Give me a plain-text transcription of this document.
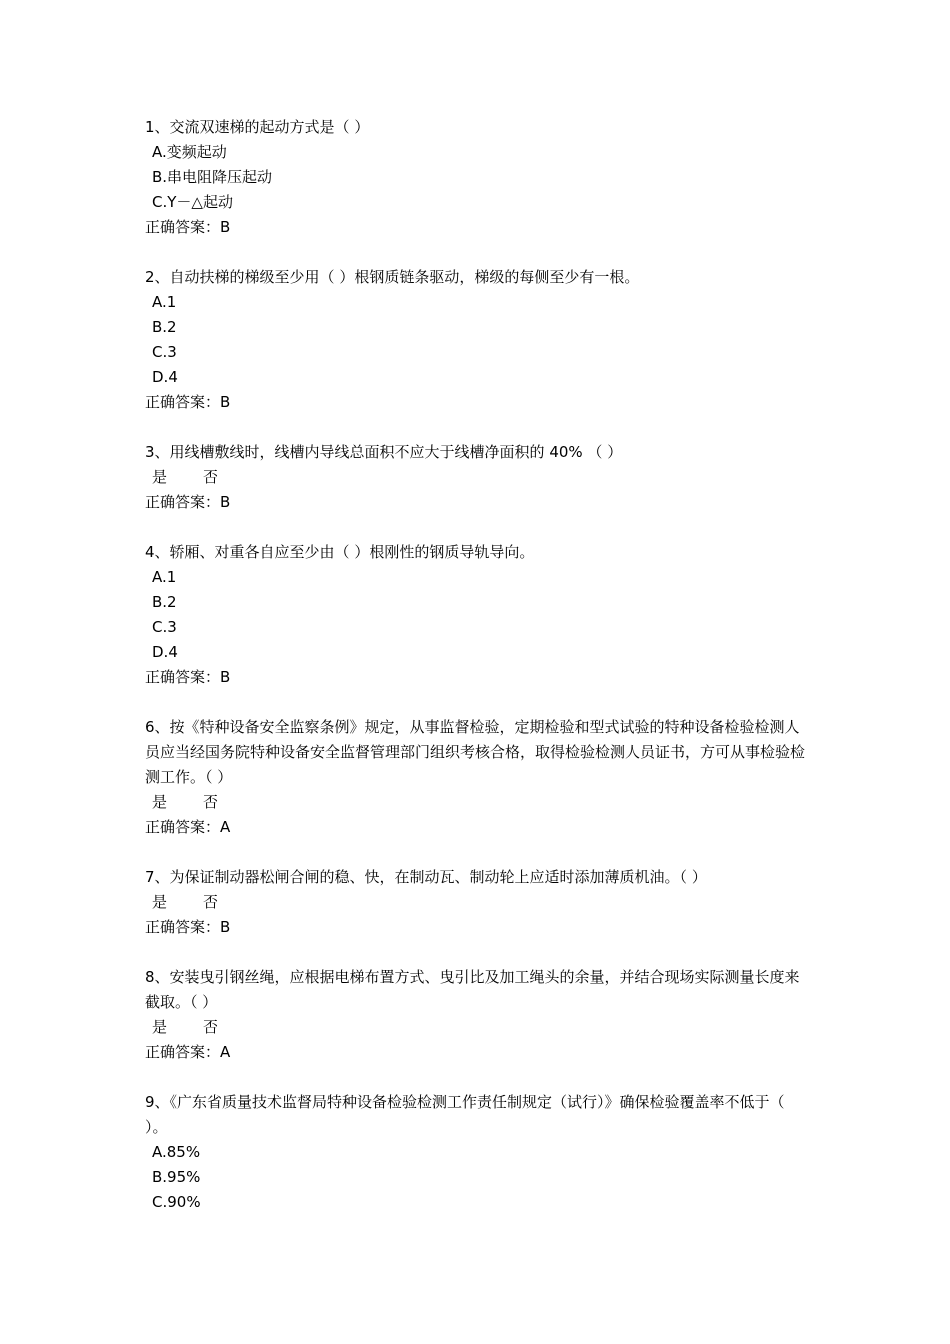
1、交流双速梯的起动方式是（ ）
A.变频起动
B.串电阻降压起动
C.Y－△起动
正确答案：B
2、自动扶梯的梯级至少用（ ）根钢质链条驱动，梯级的每侧至少有一根。
A.1
B.2
C.3
D.4
正确答案：B
3、用线槽敷线时，线槽内导线总面积不应大于线槽净面积的 40% （ ）
是 否
正确答案：B
4、轿厢、对重各自应至少由（ ）根刚性的钢质导轨导向。
A.1
B.2
C.3
D.4
正确答案：B
6、按《特种设备安全监察条例》规定，从事监督检验，定期检验和型式试验的特种设备检验检测人员应当经国务院特种设备安全监督管理部门组织考核合格，取得检验检测人员证书，方可从事检验检测工作。（ ）
是 否
正确答案：A
7、为保证制动器松闸合闸的稳、快，在制动瓦、制动轮上应适时添加薄质机油。（ ）
是 否
正确答案：B
8、安装曳引钢丝绳，应根据电梯布置方式、曳引比及加工绳头的余量，并结合现场实际测量长度来截取。（ ）
是 否
正确答案：A
9、《广东省质量技术监督局特种设备检验检测工作责任制规定（试行）》确保检验覆盖率不低于（ ）。
A.85%
B.95%
C.90%
